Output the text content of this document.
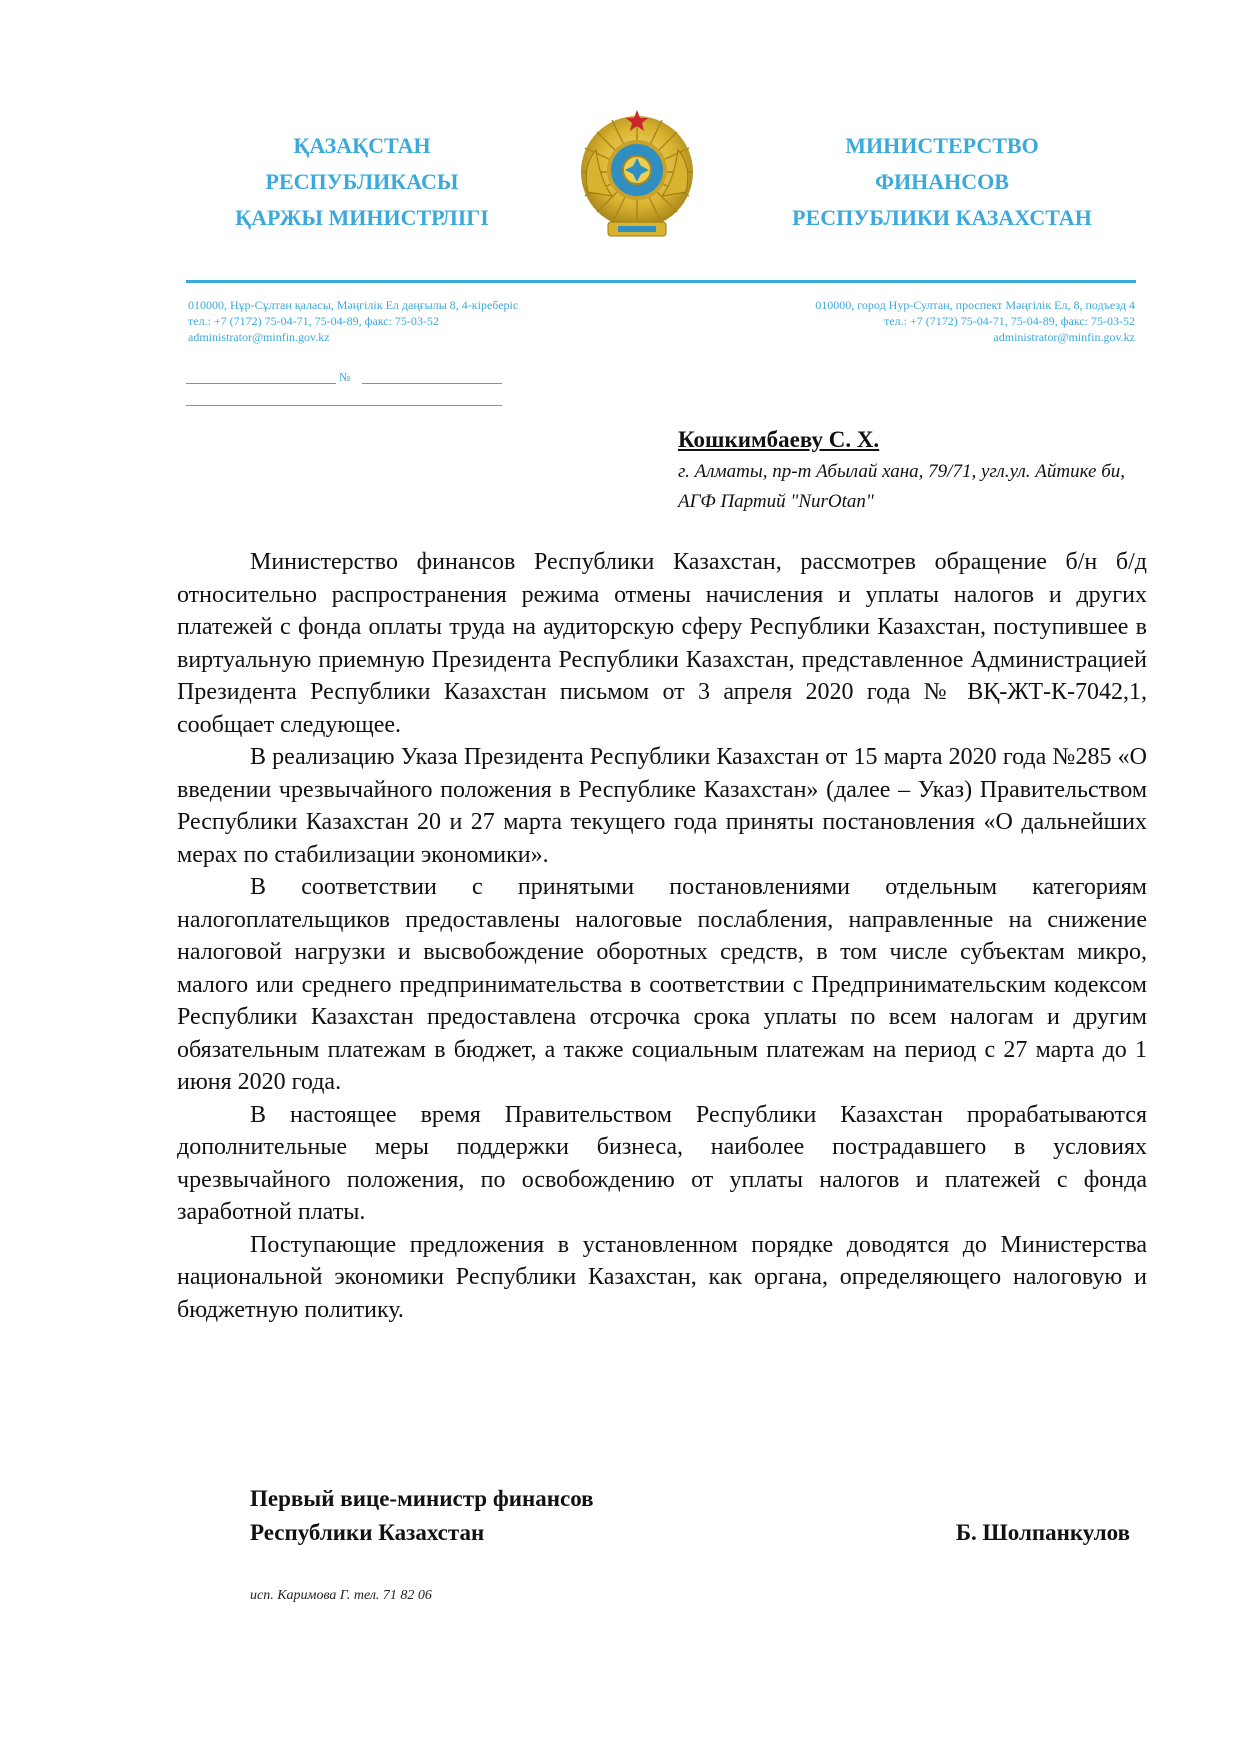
ҚАЗАҚСТАН
РЕСПУБЛИКАСЫ
ҚАРЖЫ МИНИСТРЛІГІ
МИНИСТЕРСТВО
ФИНАНСОВ
РЕСПУБЛИКИ КАЗАХСТАН
010000, Нұр-Сұлтан қаласы, Мәңгілік Ел даңғылы 8, 4-кіреберіс
тел.: +7 (7172) 75-04-71, 75-04-89, факс: 75-03-52
administrator@minfin.gov.kz
010000, город Нур-Султан, проспект Мәңгілік Ел, 8, подъезд 4
тел.: +7 (7172) 75-04-71, 75-04-89, факс: 75-03-52
administrator@minfin.gov.kz
№
Кошкимбаеву С. Х.
г. Алматы, пр-т Абылай хана, 79/71, угл.ул. Айтике би, АГФ Партий "NurOtan"

Министерство финансов Республики Казахстан, рассмотрев обращение б/н б/д относительно распространения режима отмены начисления и уплаты налогов и других платежей с фонда оплаты труда на аудиторскую сферу Республики Казахстан, поступившее в виртуальную приемную Президента Республики Казахстан, представленное Администрацией Президента Республики Казахстан письмом от 3 апреля 2020 года № ВҚ-ЖТ-К-7042,1, сообщает следующее.

В реализацию Указа Президента Республики Казахстан от 15 марта 2020 года №285 «О введении чрезвычайного положения в Республике Казахстан» (далее – Указ) Правительством Республики Казахстан 20 и 27 марта текущего года приняты постановления «О дальнейших мерах по стабилизации экономики».

В соответствии с принятыми постановлениями отдельным категориям налогоплательщиков предоставлены налоговые послабления, направленные на снижение налоговой нагрузки и высвобождение оборотных средств, в том числе субъектам микро, малого или среднего предпринимательства в соответствии с Предпринимательским кодексом Республики Казахстан предоставлена отсрочка срока уплаты по всем налогам и другим обязательным платежам в бюджет, а также социальным платежам на период с 27 марта до 1 июня 2020 года.

В настоящее время Правительством Республики Казахстан прорабатываются дополнительные меры поддержки бизнеса, наиболее пострадавшего в условиях чрезвычайного положения, по освобождению от уплаты налогов и платежей с фонда заработной платы.

Поступающие предложения в установленном порядке доводятся до Министерства национальной экономики Республики Казахстан, как органа, определяющего налоговую и бюджетную политику.

Первый вице-министр финансов
Республики Казахстан	Б. Шолпанкулов
исп. Каримова Г. тел. 71 82 06
